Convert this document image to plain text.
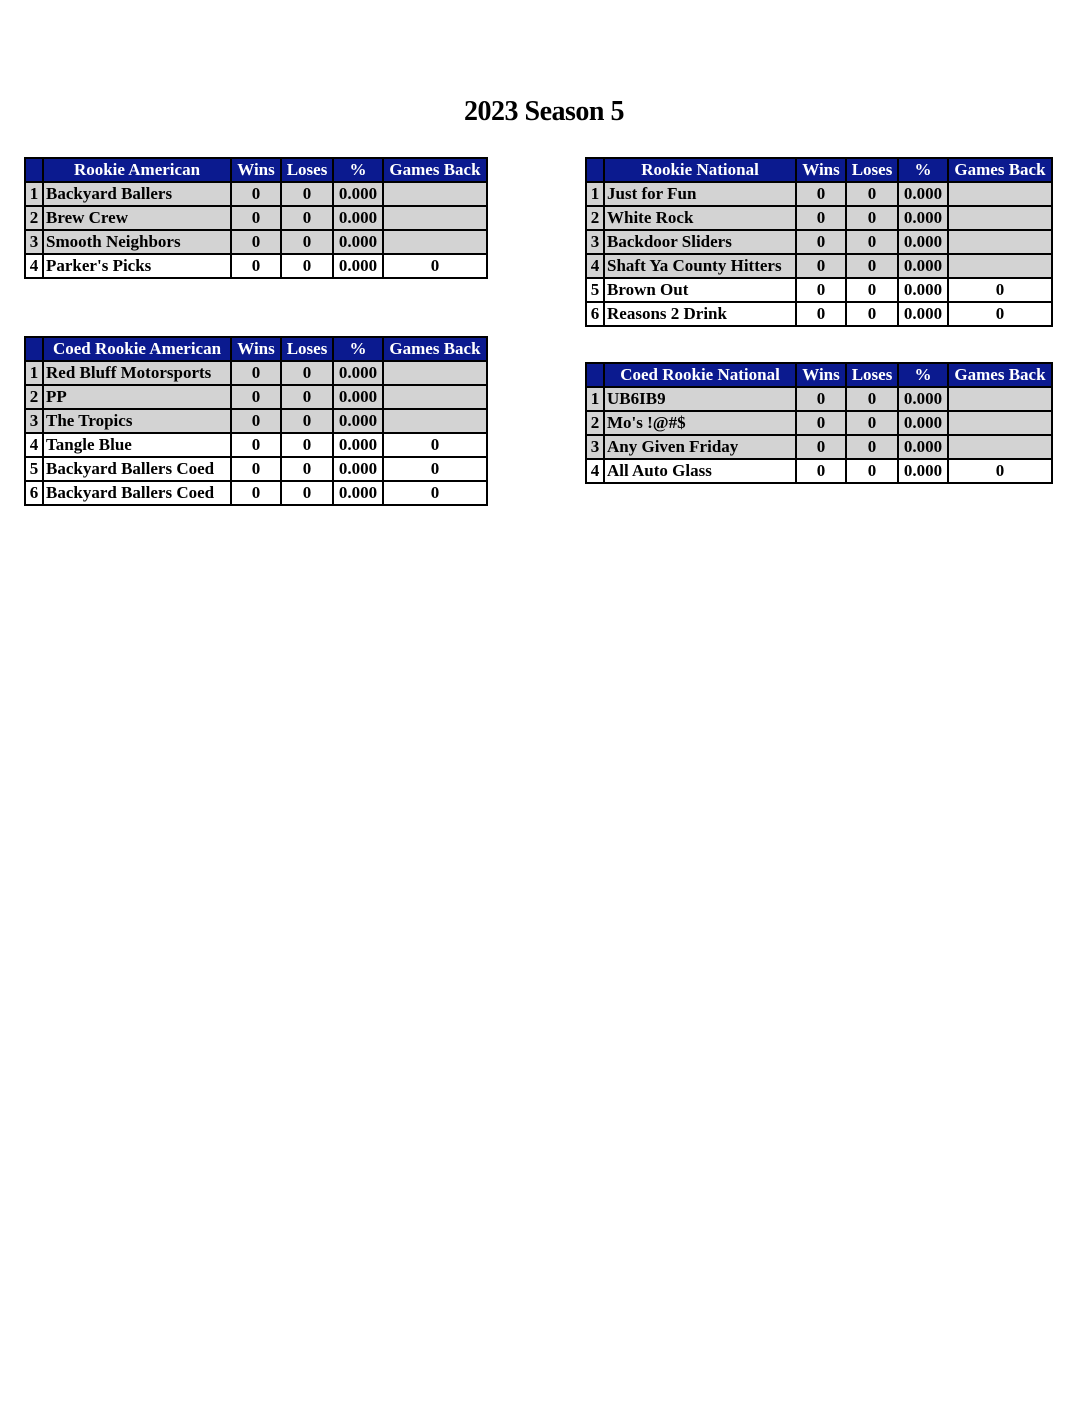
2023 Season 5
	Rookie American	Wins	Loses	%	Games Back
1	Backyard Ballers	0	0	0.000	
2	Brew Crew	0	0	0.000	
3	Smooth Neighbors	0	0	0.000	
4	Parker's Picks	0	0	0.000	0
	Rookie National	Wins	Loses	%	Games Back
1	Just for Fun	0	0	0.000	
2	White Rock	0	0	0.000	
3	Backdoor Sliders	0	0	0.000	
4	Shaft Ya County Hitters	0	0	0.000	
5	Brown Out	0	0	0.000	0
6	Reasons 2 Drink	0	0	0.000	0
	Coed Rookie American	Wins	Loses	%	Games Back
1	Red Bluff Motorsports	0	0	0.000	
2	PP	0	0	0.000	
3	The Tropics	0	0	0.000	
4	Tangle Blue	0	0	0.000	0
5	Backyard Ballers Coed	0	0	0.000	0
6	Backyard Ballers Coed	0	0	0.000	0
	Coed Rookie National	Wins	Loses	%	Games Back
1	UB6IB9	0	0	0.000	
2	Mo's !@#$	0	0	0.000	
3	Any Given Friday	0	0	0.000	
4	All Auto Glass	0	0	0.000	0
